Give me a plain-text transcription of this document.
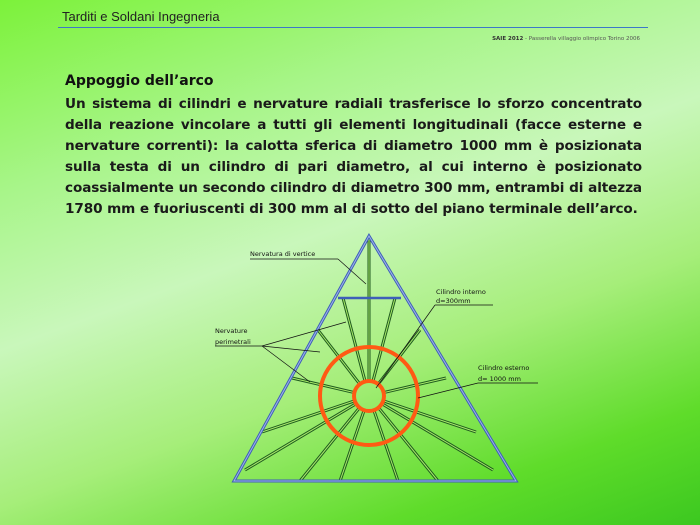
Tarditi e Soldani Ingegneria
SAIE 2012 - Passerella villaggio olimpico Torino 2006
Appoggio dell’arco
Un sistema di cilindri e nervature radiali trasferisce lo sforzo concentrato della reazione vincolare a tutti gli elementi longitudinali (facce esterne e nervature correnti): la calotta sferica di diametro 1000 mm è posizionata sulla testa di un cilindro di pari diametro, al cui interno è posizionato coassialmente un secondo cilindro di diametro 300 mm, entrambi di altezza 1780 mm e fuoriuscenti di 300 mm al di sotto del piano terminale dell’arco.
Nervatura di vertice
Cilindro interno
d=300mm
Nervature
perimetrali
Cilindro esterno
d= 1000 mm
